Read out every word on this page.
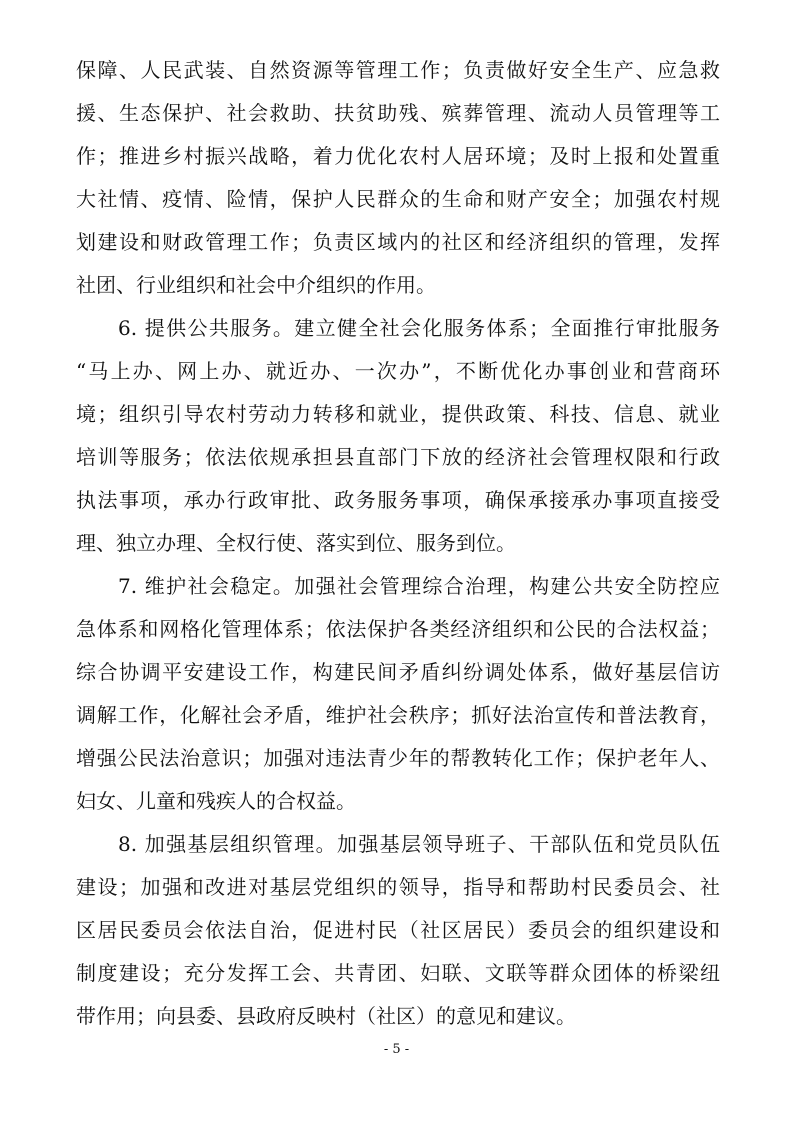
保障、人民武装、自然资源等管理工作；负责做好安全生产、应急救
援、生态保护、社会救助、扶贫助残、殡葬管理、流动人员管理等工
作；推进乡村振兴战略，着力优化农村人居环境；及时上报和处置重
大社情、疫情、险情，保护人民群众的生命和财产安全；加强农村规
划建设和财政管理工作；负责区域内的社区和经济组织的管理，发挥
社团、行业组织和社会中介组织的作用。
6. 提供公共服务。建立健全社会化服务体系；全面推行审批服务
“马上办、网上办、就近办、一次办”，不断优化办事创业和营商环
境；组织引导农村劳动力转移和就业，提供政策、科技、信息、就业
培训等服务；依法依规承担县直部门下放的经济社会管理权限和行政
执法事项，承办行政审批、政务服务事项，确保承接承办事项直接受
理、独立办理、全权行使、落实到位、服务到位。
7. 维护社会稳定。加强社会管理综合治理，构建公共安全防控应
急体系和网格化管理体系；依法保护各类经济组织和公民的合法权益；
综合协调平安建设工作，构建民间矛盾纠纷调处体系，做好基层信访
调解工作，化解社会矛盾，维护社会秩序；抓好法治宣传和普法教育，
增强公民法治意识；加强对违法青少年的帮教转化工作；保护老年人、
妇女、儿童和残疾人的合权益。
8. 加强基层组织管理。加强基层领导班子、干部队伍和党员队伍
建设；加强和改进对基层党组织的领导，指导和帮助村民委员会、社
区居民委员会依法自治，促进村民（社区居民）委员会的组织建设和
制度建设；充分发挥工会、共青团、妇联、文联等群众团体的桥梁纽
带作用；向县委、县政府反映村（社区）的意见和建议。
- 5 -
